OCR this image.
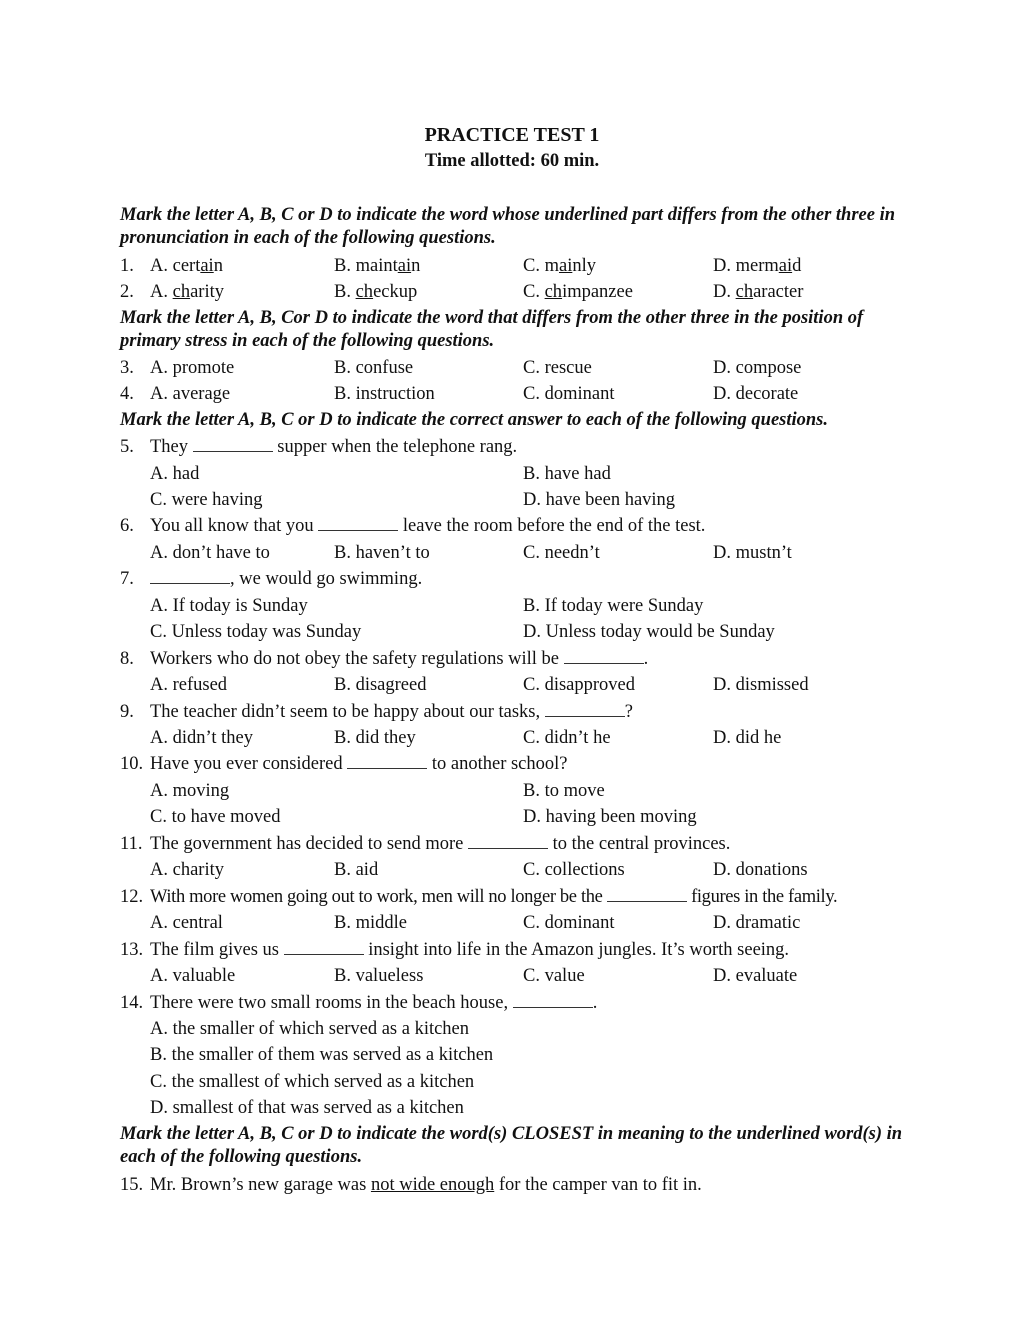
PRACTICE TEST 1
Time allotted: 60 min.
Mark the letter A, B, C or D to indicate the word whose underlined part differs from the other three in pronunciation in each of the following questions.
1. A. certain	B. maintain	C. mainly	D. mermaid
2. A. charity	B. checkup	C. chimpanzee	D. character
Mark the letter A, B, Cor D to indicate the word that differs from the other three in the position of primary stress in each of the following questions.
3. A. promote	B. confuse	C. rescue	D. compose
4. A. average	B. instruction	C. dominant	D. decorate
Mark the letter A, B, C or D to indicate the correct answer to each of the following questions.
5. They	supper when the telephone rang.
A. had	B. have had
C. were having	D. have been having
6. You all know that you	leave the room before the end of the test.
A. don’t have to	B. haven’t to	C. needn’t	D. mustn’t
7.	, we would go swimming.
A. If today is Sunday	B. If today were Sunday
C. Unless today was Sunday	D. Unless today would be Sunday
8. Workers who do not obey the safety regulations will be	.
A. refused	B. disagreed	C. disapproved	D. dismissed
9. The teacher didn’t seem to be happy about our tasks,	?
A. didn’t they	B. did they	C. didn’t he	D. did he
10. Have you ever considered	to another school?
A. moving	B. to move
C. to have moved	D. having been moving
11. The government has decided to send more	to the central provinces.
A. charity	B. aid	C. collections	D. donations
12. With more women going out to work, men will no longer be the	figures in the family.
A. central	B. middle	C. dominant	D. dramatic
13. The film gives us	insight into life in the Amazon jungles. It’s worth seeing.
A. valuable	B. valueless	C. value	D. evaluate
14. There were two small rooms in the beach house,	.
A. the smaller of which served as a kitchen
B. the smaller of them was served as a kitchen
C. the smallest of which served as a kitchen
D. smallest of that was served as a kitchen
Mark the letter A, B, C or D to indicate the word(s) CLOSEST in meaning to the underlined word(s) in each of the following questions.
15. Mr. Brown’s new garage was not wide enough for the camper van to fit in.
